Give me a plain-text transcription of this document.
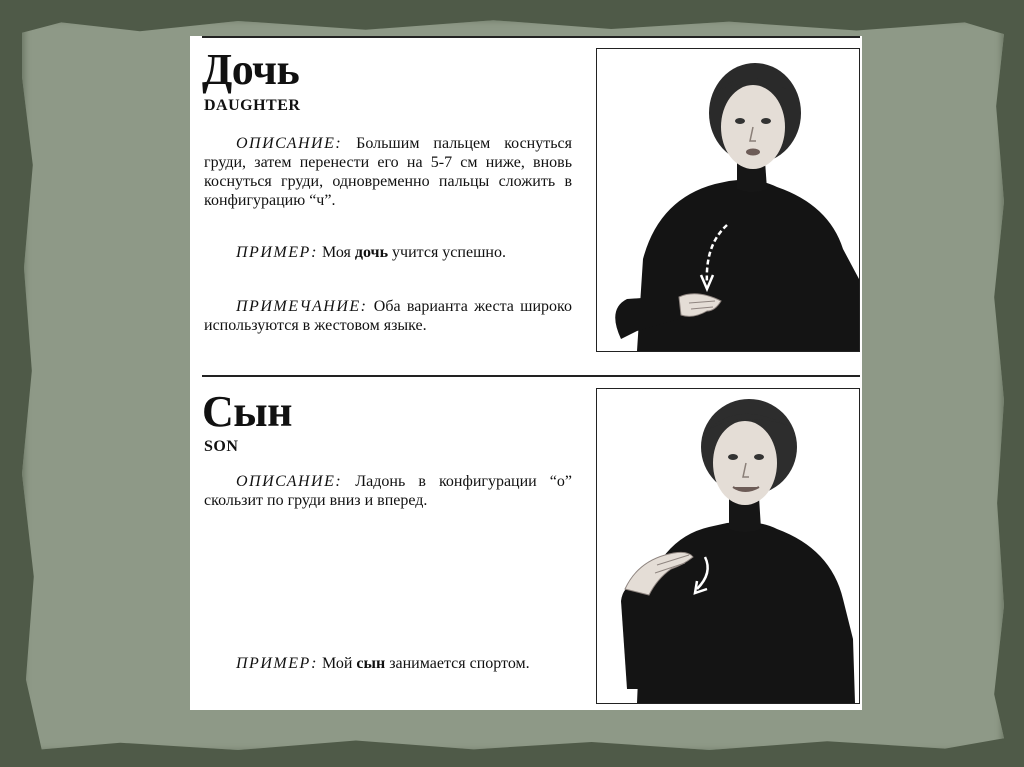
Дочь
DAUGHTER

ОПИСАНИЕ: Большим пальцем коснуться груди, затем перенести его на 5-7 см ниже, вновь коснуться груди, одновременно пальцы сложить в конфигурацию “ч”.

ПРИМЕР: Моя дочь учится успешно.

ПРИМЕЧАНИЕ: Оба варианта жеста широко используются в жестовом языке.

Сын
SON

ОПИСАНИЕ: Ладонь в конфигурации “о” скользит по груди вниз и вперед.

ПРИМЕР: Мой сын занимается спортом.
